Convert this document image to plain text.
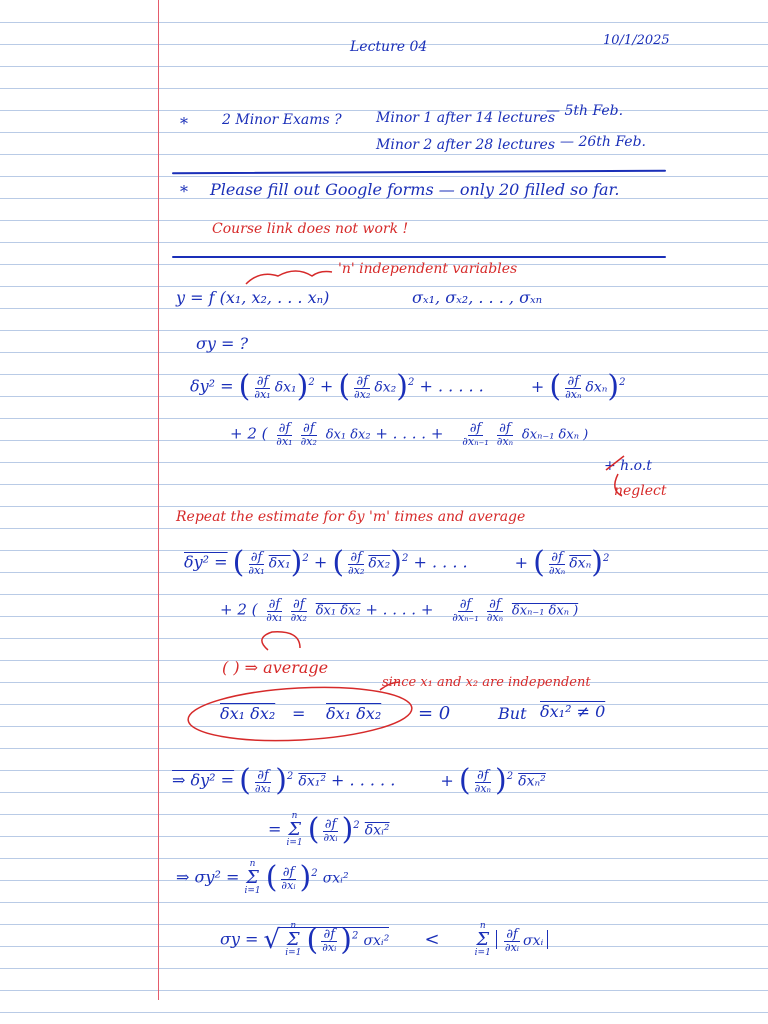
Lecture 04	10/1/2025
* 2 Minor Exams ? Minor 1 after 14 lectures
— 5th Feb.
Minor 2 after 28 lectures — 26th Feb.
* Please fill out Google forms — only 20 filled so far.
Course link does not work !
'n' independent variables
y = f (x₁, x₂, . . . xₙ)	σₓ₁, σₓ₂, . . . , σₓₙ
σy = ?
δy² = ( $\frac{\partial f}{\text{∂x₁}} \delta x_1)^2$ + ( $\frac{\partial f}{\text{∂x₂}} \delta x_2)^2$ + . . . . .	+ ( $\frac{\partial f}{\text{∂xₙ}} \delta x_n)^2$
+ 2 ( $\frac{\partial f}{\text{∂x₁}} \frac{\partial f}{\text{∂x₂}} \delta x_1$ δx₂ + . . . . + $\frac{\partial f}{\text{∂xₙ₋₁}} \frac{\partial f}{\text{∂xₙ}} \delta x_{n-1}$ δxₙ )
+ h.o.t
neglect
Repeat the estimate for δy 'm' times and average
δy² = ( $\frac{\partial f}{\text{∂x₁}} \delta x_1)^2$ + ( $\frac{\partial f}{\text{∂x₂}} \delta x_2)^2$ + . . . .	+ ( $\frac{\partial f}{\text{∂xₙ}} \overline{\delta x_n})^2$
+ 2 ( $\frac{\partial f}{\text{∂x₁}} \frac{\partial f}{\text{∂x₂}} \delta x_1$ δx₂ + . . . . + $\frac{\partial f}{\text{∂xₙ₋₁}} \frac{\partial f}{\text{∂xₙ}} \delta x_{n-1}$ δxₙ )
( ) ⇒ average
since x₁ and x₂ are independent
δx₁ δx₂ = δx₁ δx₂ = 0	But δx₁² ≠ 0
⇒ δy² = ( $\frac{\partial f}{\text{∂x₁}} )^2$ δx₁² + . . . . .	+ ( $\frac{\partial f}{\text{∂xₙ}} )^2$ δxₙ²
=
n
Σ
i=1 ( $\frac{\partial f}{\text{∂xᵢ}} )^2$ δxᵢ²
⇒ σy² =
n
Σ
i=1 ( $\frac{\partial f}{\text{∂xᵢ}} )^2$ σxᵢ²
σy = √ n
Σ
i=1 ( $\frac{\partial f}{\text{∂xᵢ}} )^2$ σxᵢ² <
n
Σ
i=1

$\frac{\partial f}{\text{∂xᵢ}}$ σxᵢ
